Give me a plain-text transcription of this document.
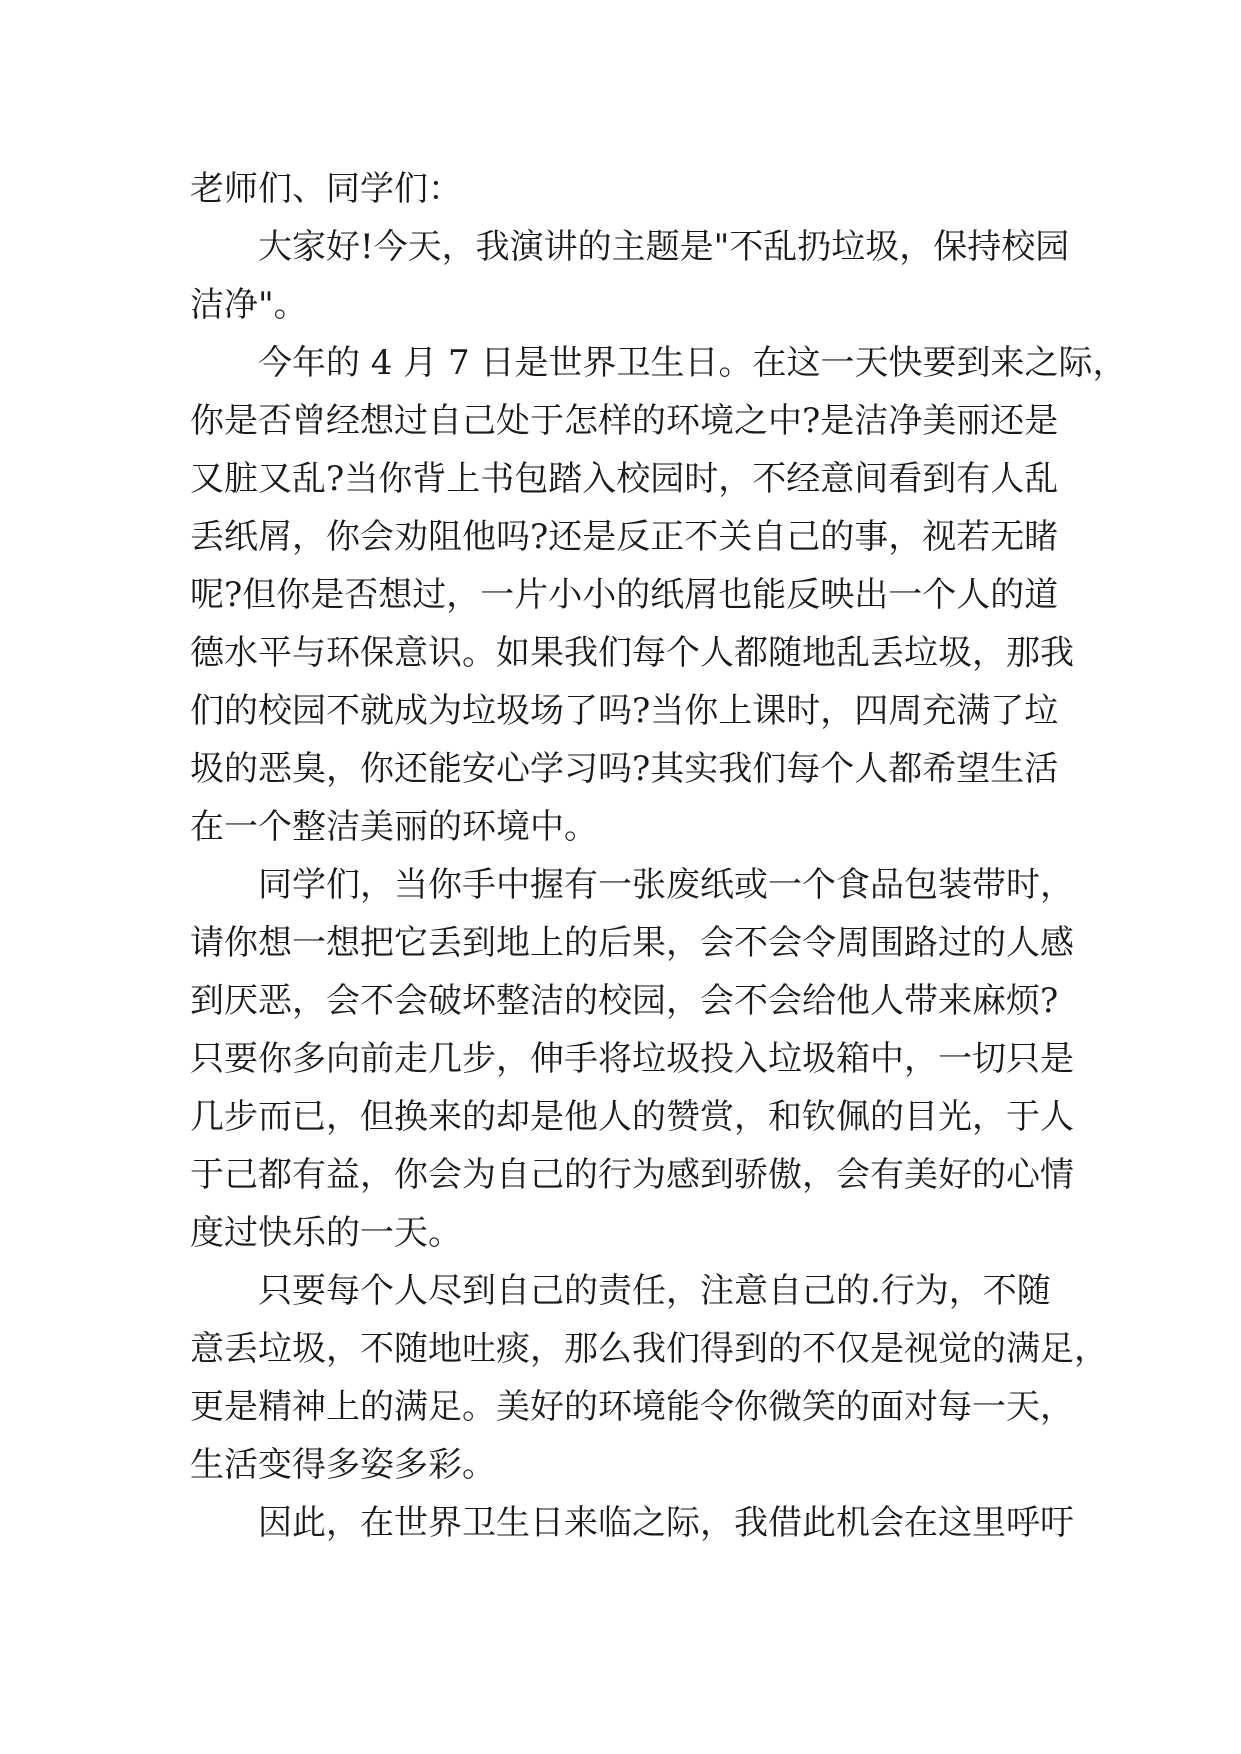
老师们、同学们：
大家好!今天，我演讲的主题是"不乱扔垃圾，保持校园
洁净"。
今年的 4 月 7 日是世界卫生日。在这一天快要到来之际，
你是否曾经想过自己处于怎样的环境之中?是洁净美丽还是
又脏又乱?当你背上书包踏入校园时，不经意间看到有人乱
丢纸屑，你会劝阻他吗?还是反正不关自己的事，视若无睹
呢?但你是否想过，一片小小的纸屑也能反映出一个人的道
德水平与环保意识。如果我们每个人都随地乱丢垃圾，那我
们的校园不就成为垃圾场了吗?当你上课时，四周充满了垃
圾的恶臭，你还能安心学习吗?其实我们每个人都希望生活
在一个整洁美丽的环境中。
同学们，当你手中握有一张废纸或一个食品包装带时，
请你想一想把它丢到地上的后果，会不会令周围路过的人感
到厌恶，会不会破坏整洁的校园，会不会给他人带来麻烦?
只要你多向前走几步，伸手将垃圾投入垃圾箱中，一切只是
几步而已，但换来的却是他人的赞赏，和钦佩的目光，于人
于己都有益，你会为自己的行为感到骄傲，会有美好的心情
度过快乐的一天。
只要每个人尽到自己的责任，注意自己的.行为，不随
意丢垃圾，不随地吐痰，那么我们得到的不仅是视觉的满足，
更是精神上的满足。美好的环境能令你微笑的面对每一天，
生活变得多姿多彩。
因此，在世界卫生日来临之际，我借此机会在这里呼吁
